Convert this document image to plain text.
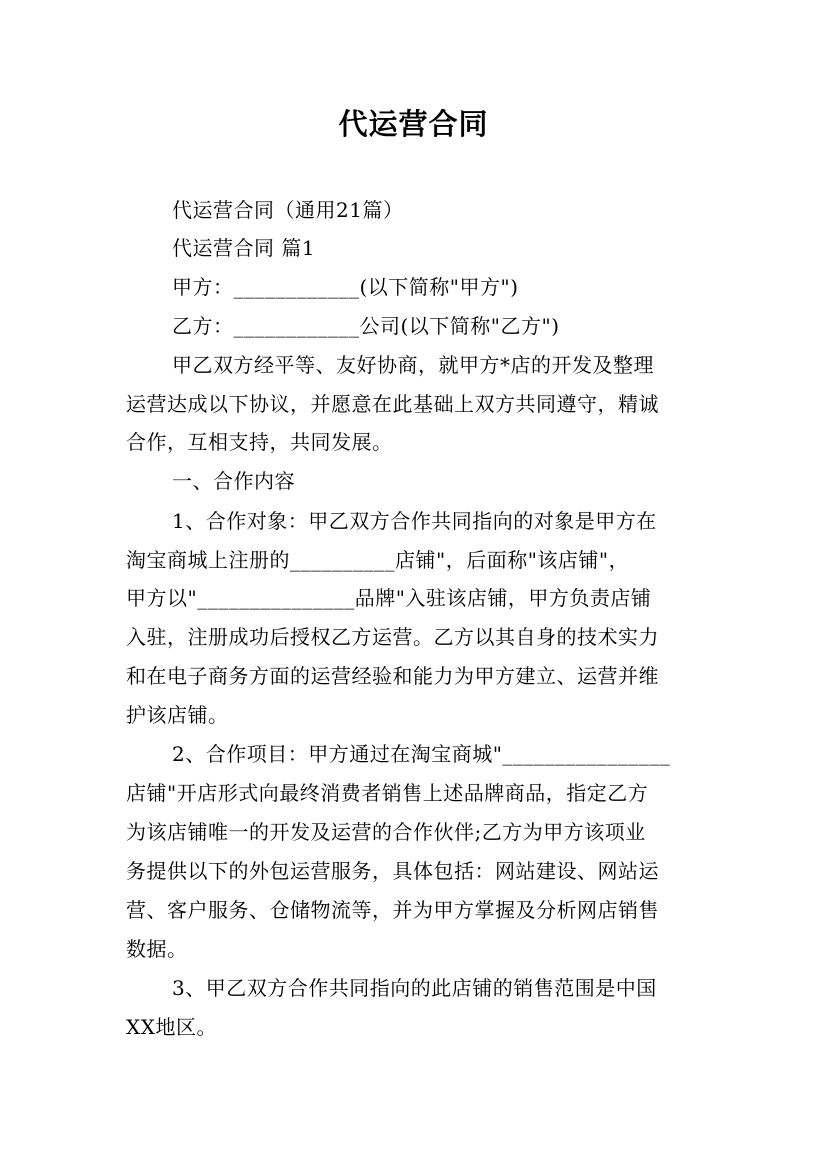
代运营合同
代运营合同（通用21篇）
代运营合同 篇1
甲方：____________(以下简称"甲方")
乙方：____________公司(以下简称"乙方")
甲乙双方经平等、友好协商，就甲方*店的开发及整理
运营达成以下协议，并愿意在此基础上双方共同遵守，精诚
合作，互相支持，共同发展。
一、合作内容
1、合作对象：甲乙双方合作共同指向的对象是甲方在
淘宝商城上注册的__________店铺"，后面称"该店铺"，
甲方以"_______________品牌"入驻该店铺，甲方负责店铺
入驻，注册成功后授权乙方运营。乙方以其自身的技术实力
和在电子商务方面的运营经验和能力为甲方建立、运营并维
护该店铺。
2、合作项目：甲方通过在淘宝商城"________________
店铺"开店形式向最终消费者销售上述品牌商品，指定乙方
为该店铺唯一的开发及运营的合作伙伴;乙方为甲方该项业
务提供以下的外包运营服务，具体包括：网站建设、网站运
营、客户服务、仓储物流等，并为甲方掌握及分析网店销售
数据。
3、甲乙双方合作共同指向的此店铺的销售范围是中国
XX地区。
